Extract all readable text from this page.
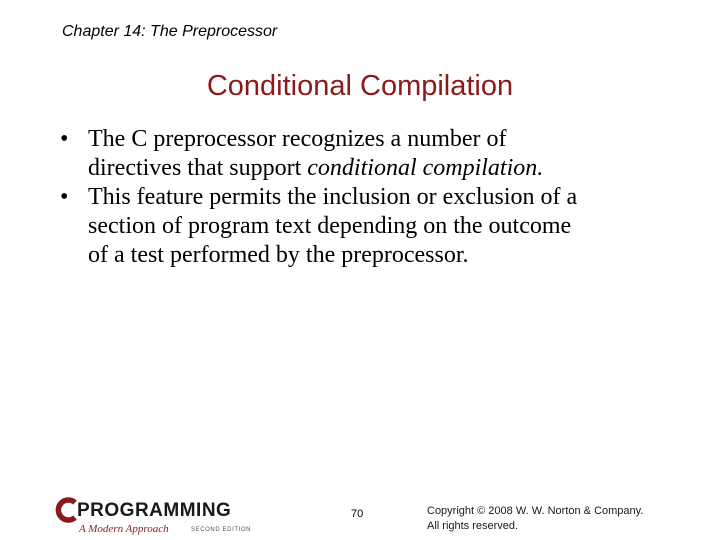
Chapter 14: The Preprocessor
Conditional Compilation
• The C preprocessor recognizes a number of
directives that support conditional compilation.
• This feature permits the inclusion or exclusion of a
section of program text depending on the outcome
of a test performed by the preprocessor.
PROGRAMMING
A Modern Approach	SECOND EDITION
70	Copyright © 2008 W. W. Norton & Company.
All rights reserved.
